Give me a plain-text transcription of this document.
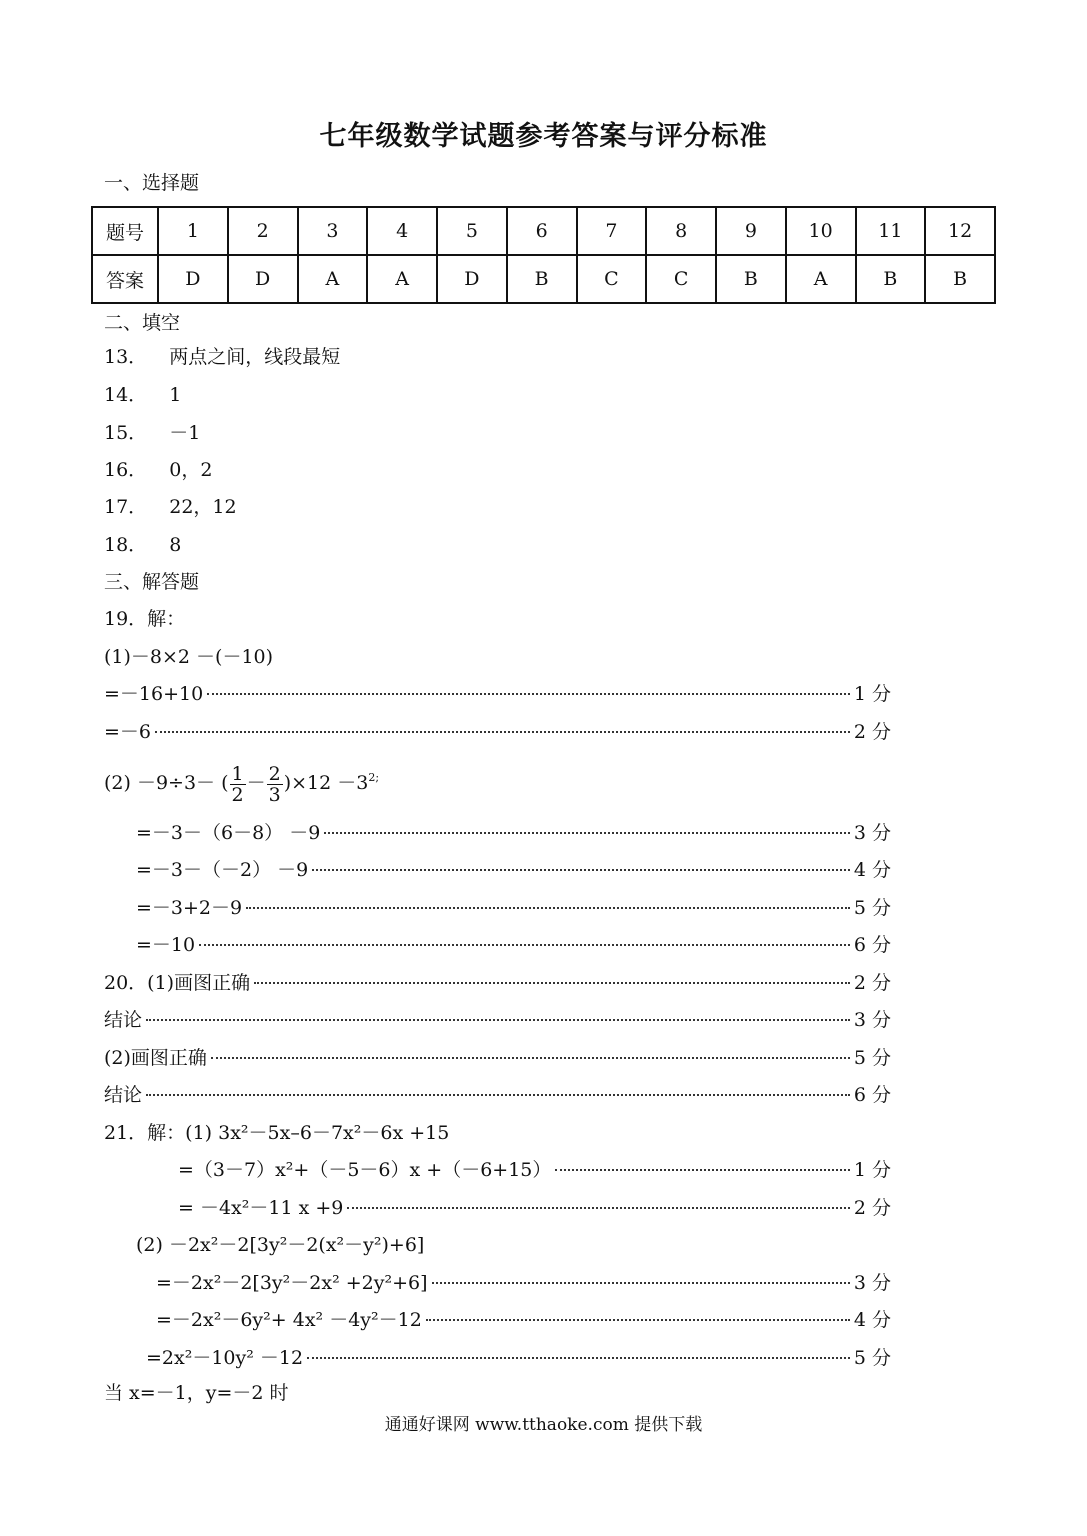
七年级数学试题参考答案与评分标准
一、选择题
题号	1	2	3	4	5	6	7	8	9	10	11	12
答案	D	D	A	A	D	B	C	C	B	A	B	B
二、填空
13． 两点之间，线段最短
14． 1
15． －1
16． 0，2
17． 22，12
18． 8
三、解答题
19．解：
(1)－8×2 －(－10)
=－16+10	1 分
=－6	2 分
(2) －9÷3－ ( $\frac{1}{2} - \frac{2}{3} )\times 12 -3^{2;}$
=－3－（6－8） －9	3 分
=－3－（－2） －9	4 分
=－3+2－9	5 分
=－10	6 分
20．(1)画图正确	2 分
结论	3 分
(2)画图正确	5 分
结论	6 分
21．解：(1) 3x²－5x–6－7x²－6x +15
=（3－7）x²+（－5－6）x +（－6+15）	1 分
= －4x²－11 x +9	2 分
(2) －2x²－2[3y²－2(x²－y²)+6]
=－2x²－2[3y²－2x² +2y²+6]	3 分
=－2x²－6y²+ 4x² －4y²－12	4 分
=2x²－10y² －12	5 分
当 x=－1，y=－2 时
通通好课网 www.tthaoke.com 提供下载
